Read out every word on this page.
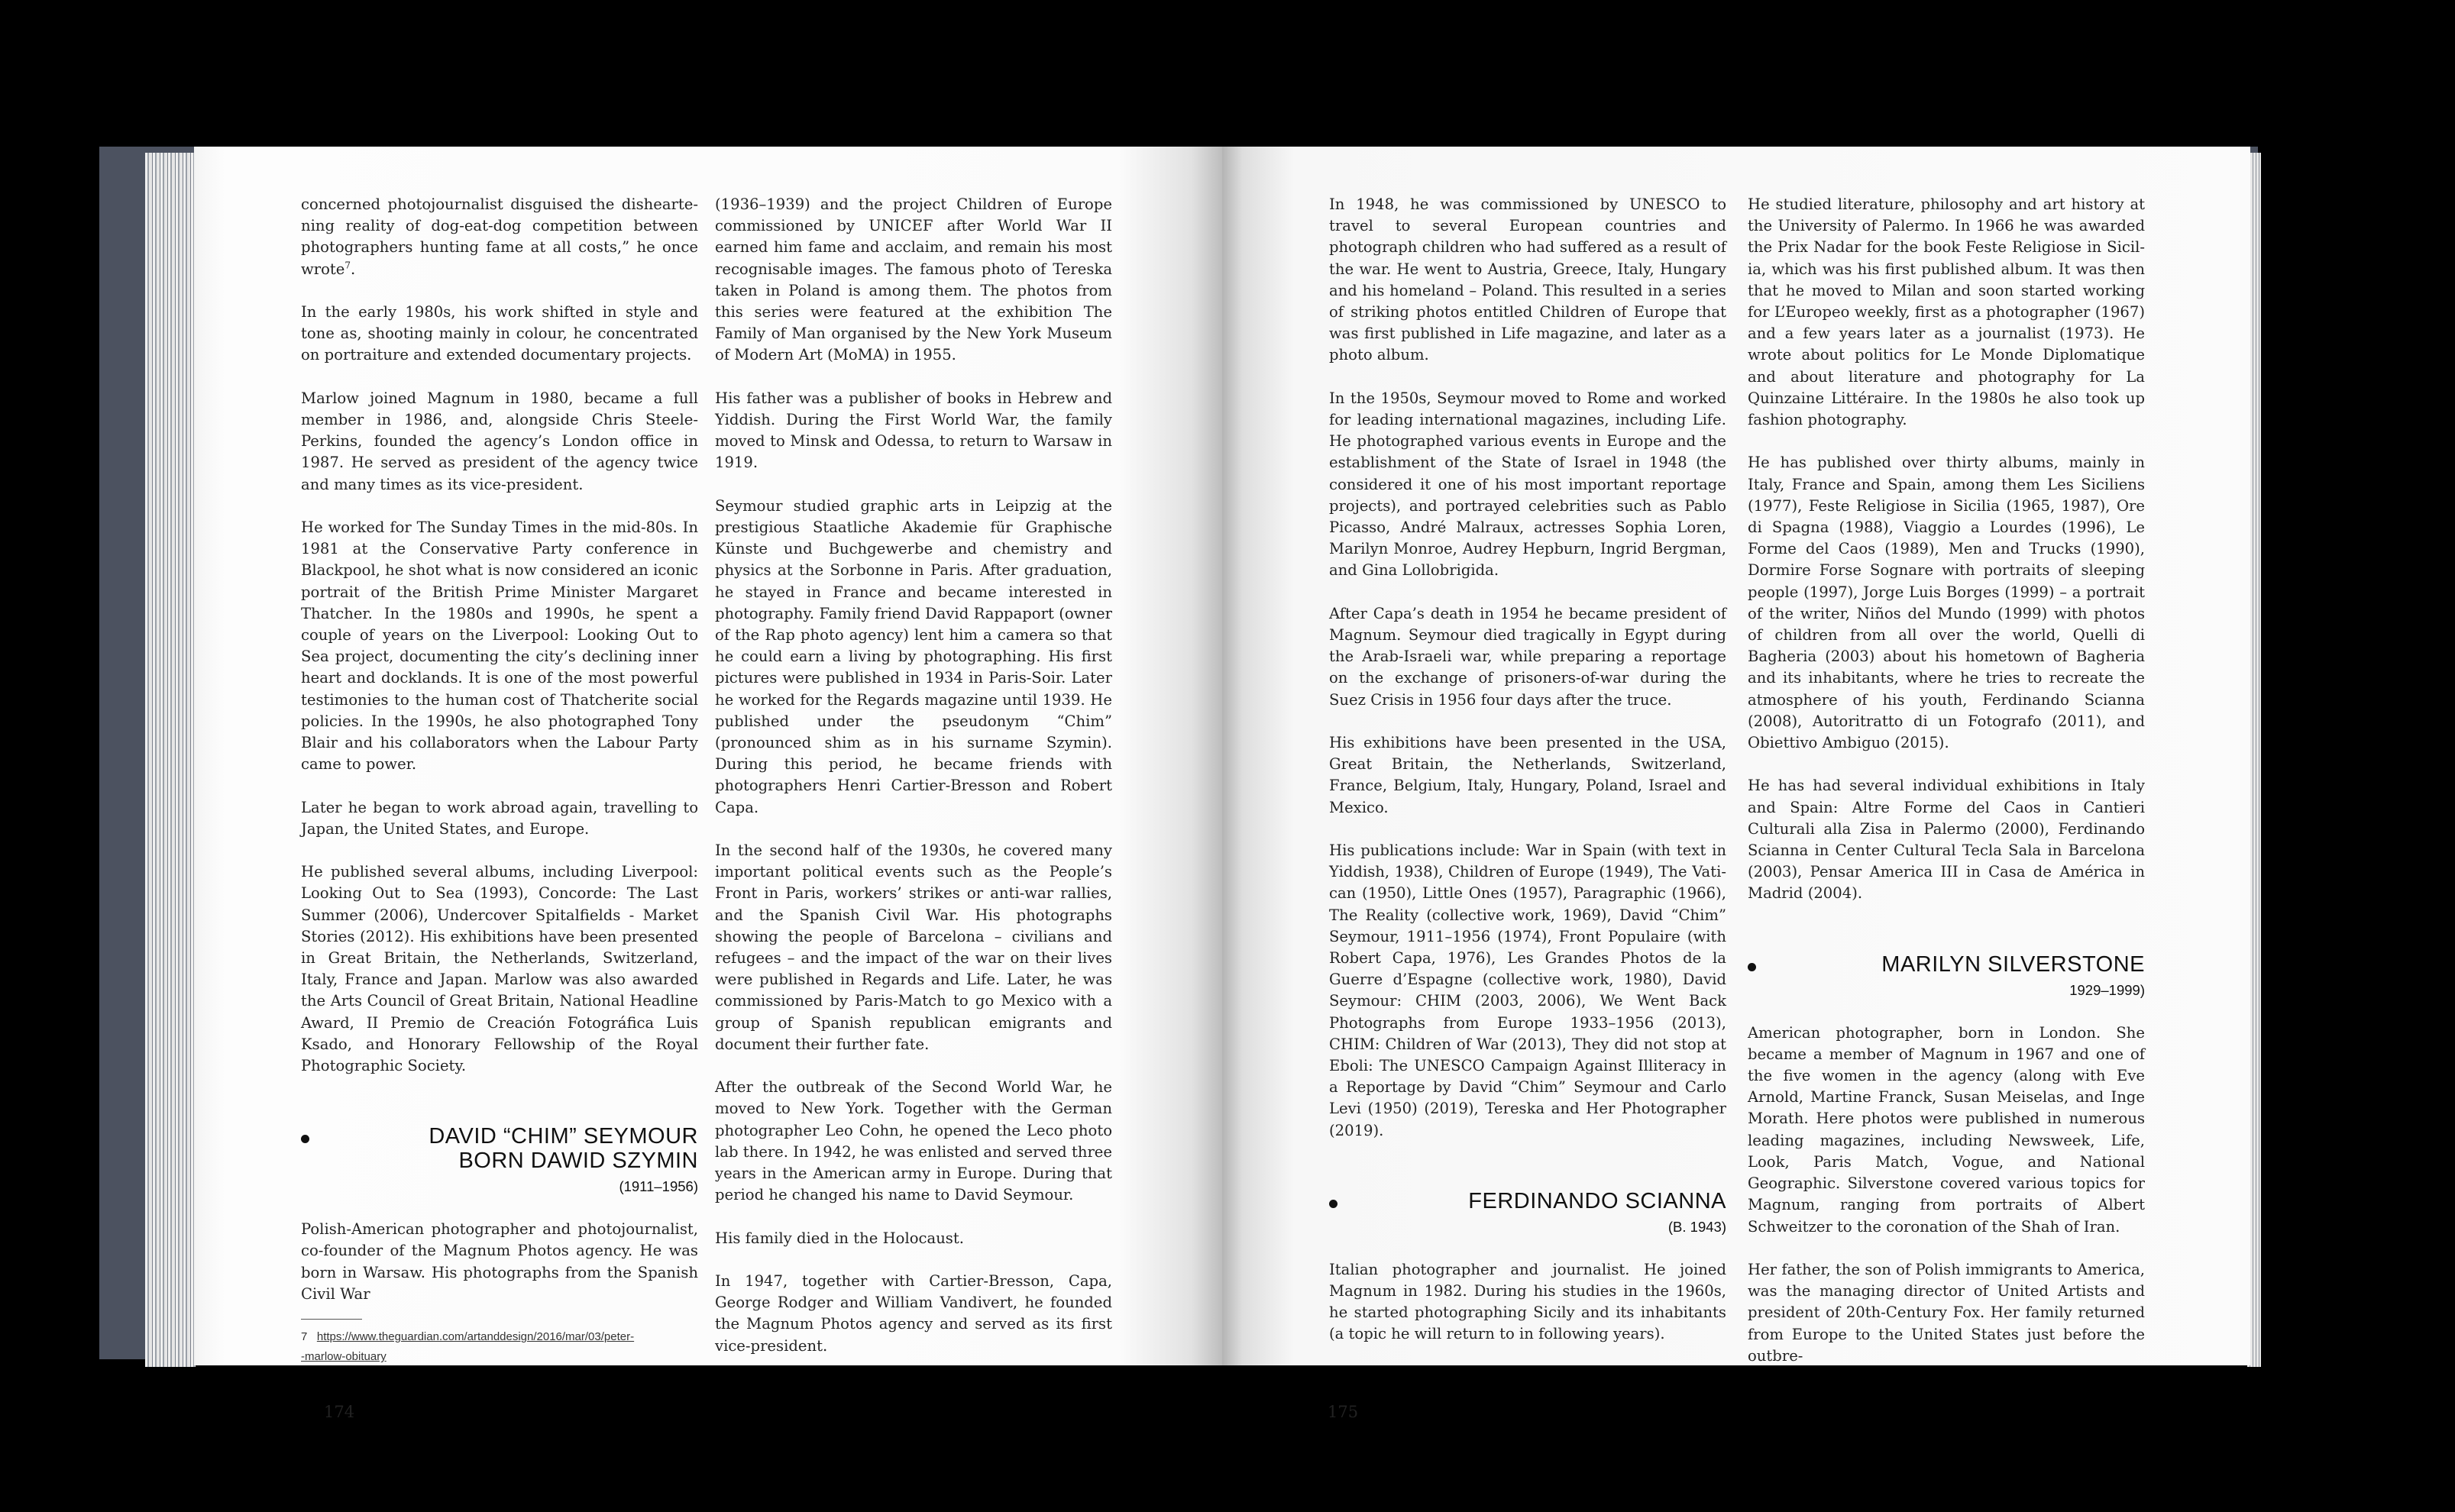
concerned photojournalist disguised the disheartening reality of dog-eat-dog competition between photographers hunting fame at all costs,” he once wrote$^7$.

In the early 1980s, his work shifted in style and tone as, shooting mainly in colour, he concentrated on portraiture and extended documentary projects.

Marlow joined Magnum in 1980, became a full member in 1986, and, alongside Chris Steele-Perkins, founded the agency’s London office in 1987. He served as president of the agency twice and many times as its vice-president.

He worked for The Sunday Times in the mid-80s. In 1981 at the Conservative Party conference in Blackpool, he shot what is now considered an iconic portrait of the British Prime Minister Margaret Thatcher. In the 1980s and 1990s, he spent a couple of years on the Liverpool: Looking Out to Sea project, documenting the city’s declining inner heart and docklands. It is one of the most powerful testimonies to the human cost of Thatcherite social policies. In the 1990s, he also photographed Tony Blair and his collaborators when the Labour Party came to power.

Later he began to work abroad again, travelling to Japan, the United States, and Europe.

He published several albums, including Liverpool: Looking Out to Sea (1993), Concorde: The Last Summer (2006), Undercover Spitalfields - Market Stories (2012). His exhibitions have been presented in Great Britain, the Netherlands, Switzerland, Italy, France and Japan. Marlow was also awarded the Arts Council of Great Britain, National Headline Award, II Premio de Creación Fotográfica Luis Ksado, and Honorary Fellowship of the Royal Photographic Society.

DAVID “CHIM” SEYMOUR
BORN DAWID SZYMIN
(1911–1956)

Polish-American photographer and photojournalist, co-founder of the Magnum Photos agency. He was born in Warsaw. His photographs from the Spanish Civil War

7 https://www.theguardian.com/artanddesign/2016/mar/03/peter-
-marlow-obituary

(1936–1939) and the project Children of Europe commissioned by UNICEF after World War II earned him fame and acclaim, and remain his most recognisable images. The famous photo of Tereska taken in Poland is among them. The photos from this series were featured at the exhibition The Family of Man organised by the New York Museum of Modern Art (MoMA) in 1955.

His father was a publisher of books in Hebrew and Yiddish. During the First World War, the family moved to Minsk and Odessa, to return to Warsaw in 1919.

Seymour studied graphic arts in Leipzig at the prestigious Staatliche Akademie für Graphische Künste und Buchgewerbe and chemistry and physics at the Sorbonne in Paris. After graduation, he stayed in France and became interested in photography. Family friend David Rappaport (owner of the Rap photo agency) lent him a camera so that he could earn a living by photographing. His first pictures were published in 1934 in Paris-Soir. Later he worked for the Regards magazine until 1939. He published under the pseudonym “Chim” (pronounced shim as in his surname Szymin). During this period, he became friends with photographers Henri Cartier-Bresson and Robert Capa.

In the second half of the 1930s, he covered many important political events such as the People’s Front in Paris, workers’ strikes or anti-war rallies, and the Spanish Civil War. His photographs showing the people of Barcelona – civilians and refugees – and the impact of the war on their lives were published in Regards and Life. Later, he was commissioned by Paris-Match to go Mexico with a group of Spanish republican emigrants and document their further fate.

After the outbreak of the Second World War, he moved to New York. Together with the German photographer Leo Cohn, he opened the Leco photo lab there. In 1942, he was enlisted and served three years in the American army in Europe. During that period he changed his name to David Seymour.

His family died in the Holocaust.

In 1947, together with Cartier-Bresson, Capa, George Rodger and William Vandivert, he founded the Magnum Photos agency and served as its first vice-president.

174

In 1948, he was commissioned by UNESCO to travel to several European countries and photograph children who had suffered as a result of the war. He went to Austria, Greece, Italy, Hungary and his homeland – Poland. This resulted in a series of striking photos entitled Children of Europe that was first published in Life magazine, and later as a photo album.

In the 1950s, Seymour moved to Rome and worked for leading international magazines, including Life. He photographed various events in Europe and the establishment of the State of Israel in 1948 (the considered it one of his most important reportage projects), and portrayed celebrities such as Pablo Picasso, André Malraux, actresses Sophia Loren, Marilyn Monroe, Audrey Hepburn, Ingrid Bergman, and Gina Lollobrigida.

After Capa’s death in 1954 he became president of Magnum. Seymour died tragically in Egypt during the Arab-Israeli war, while preparing a reportage on the exchange of prisoners-of-war during the Suez Crisis in 1956 four days after the truce.

His exhibitions have been presented in the USA, Great Britain, the Netherlands, Switzerland, France, Belgium, Italy, Hungary, Poland, Israel and Mexico.

His publications include: War in Spain (with text in Yiddish, 1938), Children of Europe (1949), The Vatican (1950), Little Ones (1957), Paragraphic (1966), The Reality (collective work, 1969), David “Chim” Seymour, 1911–1956 (1974), Front Populaire (with Robert Capa, 1976), Les Grandes Photos de la Guerre d’Espagne (collective work, 1980), David Seymour: CHIM (2003, 2006), We Went Back Photographs from Europe 1933–1956 (2013), CHIM: Children of War (2013), They did not stop at Eboli: The UNESCO Campaign Against Illiteracy in a Reportage by David “Chim” Seymour and Carlo Levi (1950) (2019), Tereska and Her Photographer (2019).

FERDINANDO SCIANNA
(B. 1943)

Italian photographer and journalist. He joined Magnum in 1982. During his studies in the 1960s, he started photographing Sicily and its inhabitants (a topic he will return to in following years).

He studied literature, philosophy and art history at the University of Palermo. In 1966 he was awarded the Prix Nadar for the book Feste Religiose in Sicilia, which was his first published album. It was then that he moved to Milan and soon started working for L’Europeo weekly, first as a photographer (1967) and a few years later as a journalist (1973). He wrote about politics for Le Monde Diplomatique and about literature and photography for La Quinzaine Littéraire. In the 1980s he also took up fashion photography.

He has published over thirty albums, mainly in Italy, France and Spain, among them Les Siciliens (1977), Feste Religiose in Sicilia (1965, 1987), Ore di Spagna (1988), Viaggio a Lourdes (1996), Le Forme del Caos (1989), Men and Trucks (1990), Dormire Forse Sognare with portraits of sleeping people (1997), Jorge Luis Borges (1999) – a portrait of the writer, Niños del Mundo (1999) with photos of children from all over the world, Quelli di Bagheria (2003) about his hometown of Bagheria and its inhabitants, where he tries to recreate the atmosphere of his youth, Ferdinando Scianna (2008), Autoritratto di un Fotografo (2011), and Obiettivo Ambiguo (2015).

He has had several individual exhibitions in Italy and Spain: Altre Forme del Caos in Cantieri Culturali alla Zisa in Palermo (2000), Ferdinando Scianna in Center Cultural Tecla Sala in Barcelona (2003), Pensar America III in Casa de América in Madrid (2004).

MARILYN SILVERSTONE
1929–1999)

American photographer, born in London. She became a member of Magnum in 1967 and one of the five women in the agency (along with Eve Arnold, Martine Franck, Susan Meiselas, and Inge Morath. Here photos were published in numerous leading magazines, including Newsweek, Life, Look, Paris Match, Vogue, and National Geographic. Silverstone covered various topics for Magnum, ranging from portraits of Albert Schweitzer to the coronation of the Shah of Iran.

Her father, the son of Polish immigrants to America, was the managing director of United Artists and president of 20th-Century Fox. Her family returned from Europe to the United States just before the outbre-

175
